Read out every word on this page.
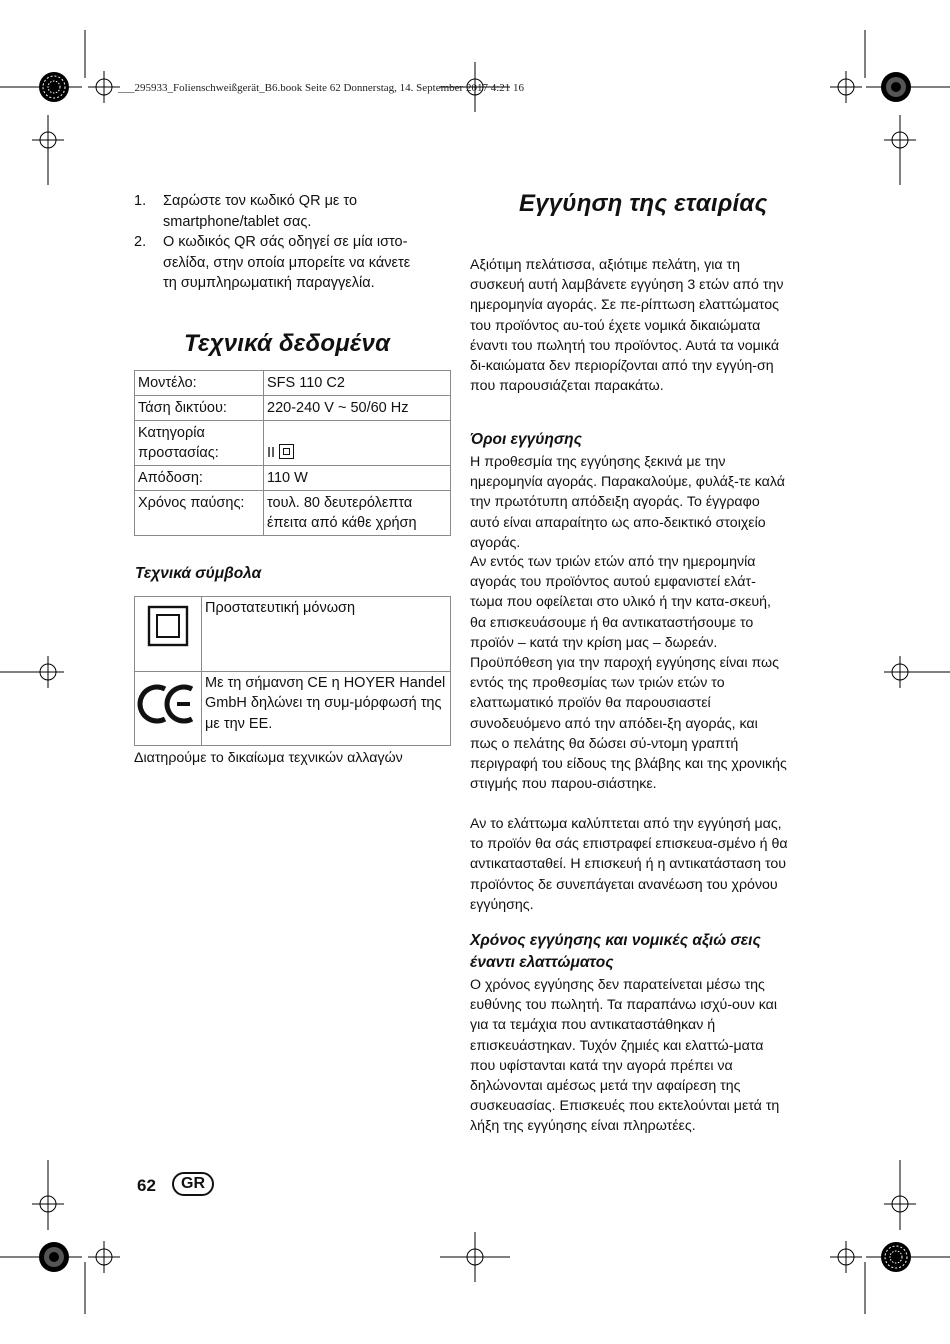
___295933_Folienschweißgerät_B6.book Seite 62 Donnerstag, 14. September 2017 4:21 16
1. Σαρώστε τον κωδικό QR με το
smartphone/tablet σας.
2. Ο κωδικός QR σάς οδηγεί σε μία ιστο-
σελίδα, στην οποία μπορείτε να κάνετε
τη συμπληρωματική παραγγελία.
Τεχνικά δεδομένα
Μοντέλο:	SFS 110 C2
Τάση δικτύου:	220-240 V ~ 50/60 Hz
Κατηγορία προστασίας:	II
Απόδοση:	110 W
Χρόνος παύσης:	τουλ. 80 δευτερόλεπτα έπειτα από κάθε χρήση
Τεχνικά σύμβολα
	Προστατευτική μόνωση
	Με τη σήμανση CE η HOYER Handel GmbH δηλώνει τη συμ-μόρφωσή της με την ΕΕ.
Διατηρούμε το δικαίωμα τεχνικών αλλαγών
Εγγύηση της εταιρίας

Αξιότιμη πελάτισσα, αξιότιμε πελάτη, για τη συσκευή αυτή λαμβάνετε εγγύηση 3 ετών από την ημερομηνία αγοράς. Σε πε-ρίπτωση ελαττώματος του προϊόντος αυ-τού έχετε νομικά δικαιώματα έναντι του πωλητή του προϊόντος. Αυτά τα νομικά δι-καιώματα δεν περιορίζονται από την εγγύη-ση που παρουσιάζεται παρακάτω.

Όροι εγγύησης

Η προθεσμία της εγγύησης ξεκινά με την ημερομηνία αγοράς. Παρακαλούμε, φυλάξ-τε καλά την πρωτότυπη απόδειξη αγοράς. Το έγγραφο αυτό είναι απαραίτητο ως απο-δεικτικό στοιχείο αγοράς.

Αν εντός των τριών ετών από την ημερομηνία αγοράς του προϊόντος αυτού εμφανιστεί ελάτ-τωμα που οφείλεται στο υλικό ή την κατα-σκευή, θα επισκευάσουμε ή θα αντικαταστήσουμε το προϊόν – κατά την κρίση μας – δωρεάν. Προϋπόθεση για την παροχή εγγύησης είναι πως εντός της προθεσμίας των τριών ετών το ελαττωματικό προϊόν θα παρουσιαστεί συνοδευόμενο από την απόδει-ξη αγοράς, και πως ο πελάτης θα δώσει σύ-ντομη γραπτή περιγραφή του είδους της βλάβης και της χρονικής στιγμής που παρου-σιάστηκε.

Αν το ελάττωμα καλύπτεται από την εγγύησή μας, το προϊόν θα σάς επιστραφεί επισκευα-σμένο ή θα αντικατασταθεί. Η επισκευή ή η αντικατάσταση του προϊόντος δε συνεπάγεται ανανέωση του χρόνου εγγύησης.

Χρόνος εγγύησης και νομικές αξιώ σεις έναντι ελαττώματος

Ο χρόνος εγγύησης δεν παρατείνεται μέσω της ευθύνης του πωλητή. Τα παραπάνω ισχύ-ουν και για τα τεμάχια που αντικαταστάθηκαν ή επισκευάστηκαν. Τυχόν ζημιές και ελαττώ-ματα που υφίστανται κατά την αγορά πρέπει να δηλώνονται αμέσως μετά την αφαίρεση της συσκευασίας. Επισκευές που εκτελούνται μετά τη λήξη της εγγύησης είναι πληρωτέες.

62	GR
